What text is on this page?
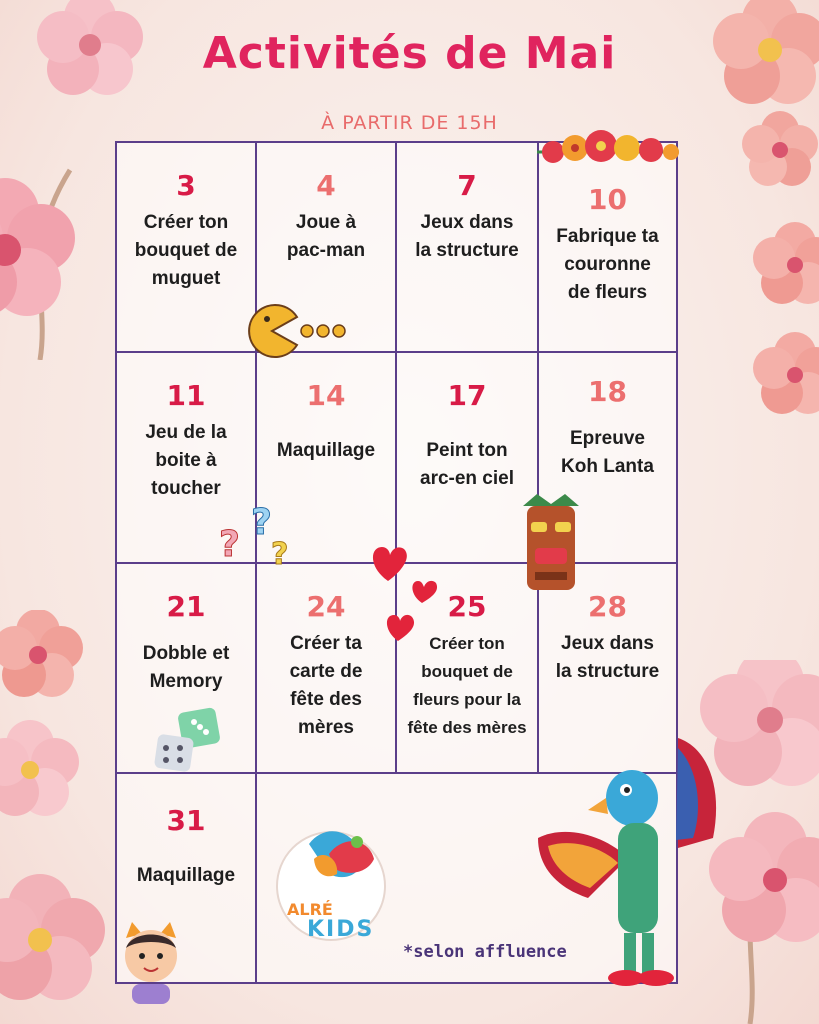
Activités de Mai
À PARTIR DE 15H
3
Créer ton bouquet de muguet
4
Joue à pac-man
7
Jeux dans la structure
10
Fabrique ta couronne de fleurs
11
Jeu de la boite à toucher
14
Maquillage
17
Peint ton arc-en ciel
18
Epreuve Koh Lanta
21
Dobble et Memory
24
Créer ta carte de fête des mères
25
Créer ton bouquet de fleurs pour la fête des mères
28
Jeux dans la structure
31
Maquillage
ALRÉ
KIDS
*selon affluence
?
?
?
